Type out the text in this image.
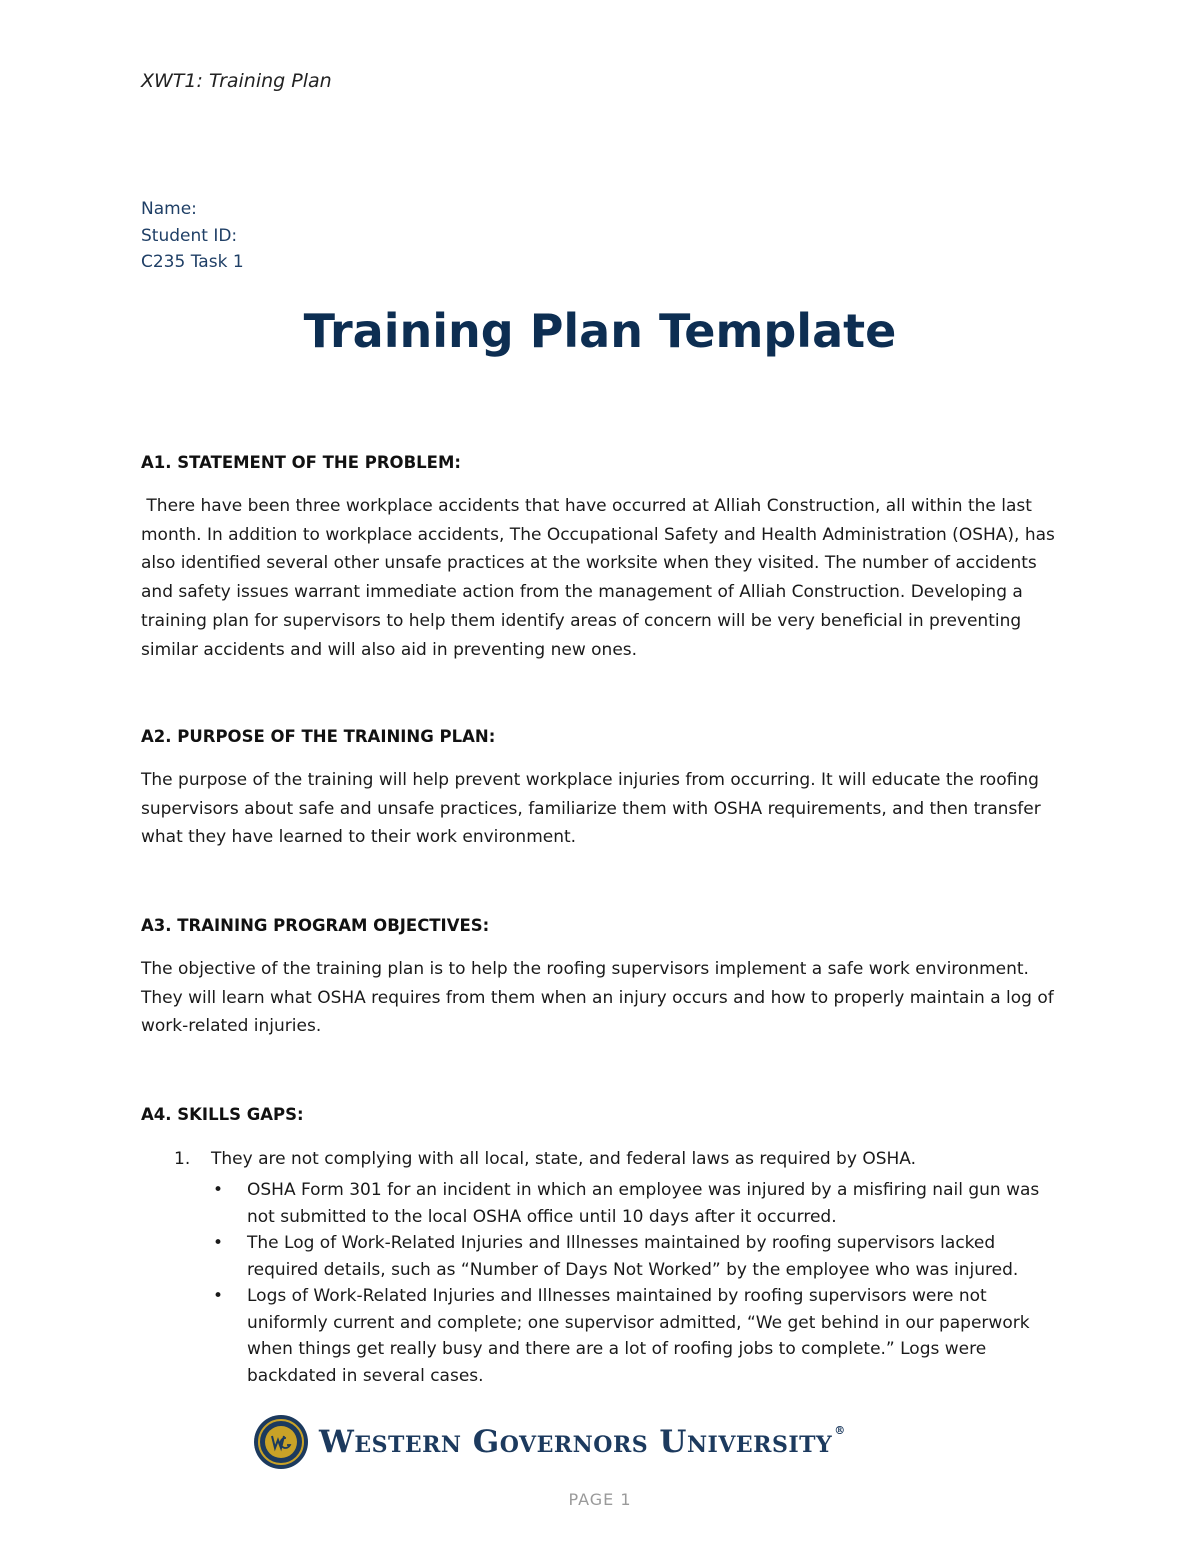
XWT1: Training Plan
Name:
Student ID:
C235 Task 1
Training Plan Template
A1. STATEMENT OF THE PROBLEM:
There have been three workplace accidents that have occurred at Alliah Construction, all within the last month. In addition to workplace accidents, The Occupational Safety and Health Administration (OSHA), has also identified several other unsafe practices at the worksite when they visited. The number of accidents and safety issues warrant immediate action from the management of Alliah Construction. Developing a training plan for supervisors to help them identify areas of concern will be very beneficial in preventing similar accidents and will also aid in preventing new ones.
A2. PURPOSE OF THE TRAINING PLAN:
The purpose of the training will help prevent workplace injuries from occurring. It will educate the roofing supervisors about safe and unsafe practices, familiarize them with OSHA requirements, and then transfer what they have learned to their work environment.
A3. TRAINING PROGRAM OBJECTIVES:
The objective of the training plan is to help the roofing supervisors implement a safe work environment. They will learn what OSHA requires from them when an injury occurs and how to properly maintain a log of work-related injuries.
A4. SKILLS GAPS:
1. They are not complying with all local, state, and federal laws as required by OSHA.
• OSHA Form 301 for an incident in which an employee was injured by a misfiring nail gun was not submitted to the local OSHA office until 10 days after it occurred.
• The Log of Work-Related Injuries and Illnesses maintained by roofing supervisors lacked required details, such as “Number of Days Not Worked” by the employee who was injured.
• Logs of Work-Related Injuries and Illnesses maintained by roofing supervisors were not uniformly current and complete; one supervisor admitted, “We get behind in our paperwork when things get really busy and there are a lot of roofing jobs to complete.” Logs were backdated in several cases.
Western Governors University ®
PAGE 1
